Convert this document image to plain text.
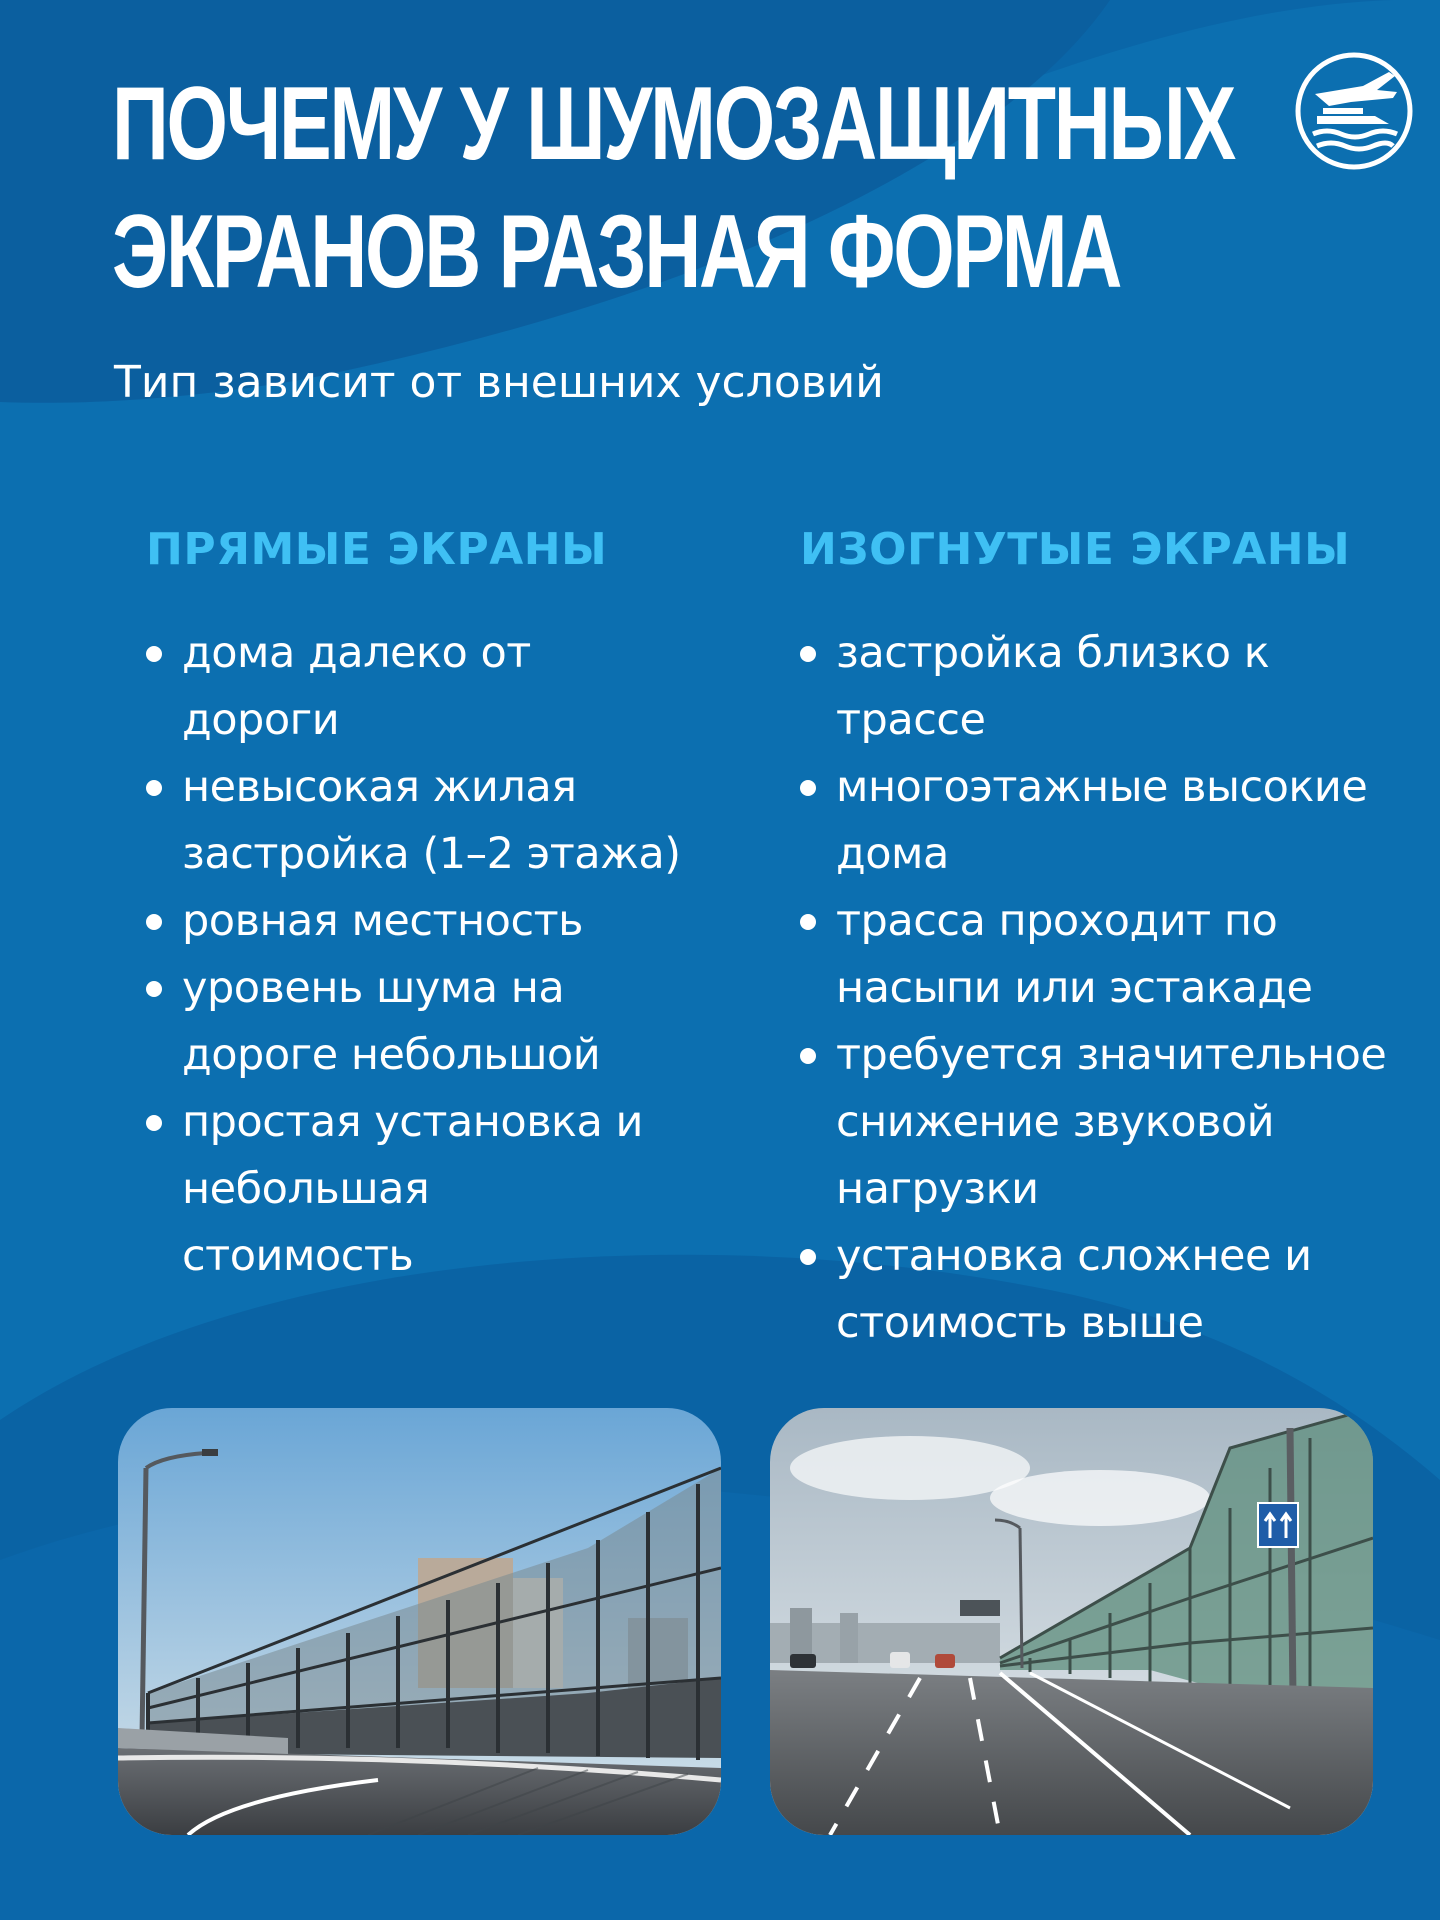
ПОЧЕМУ У ШУМОЗАЩИТНЫХ
ЭКРАНОВ РАЗНАЯ ФОРМА

Тип зависит от внешних условий

ПРЯМЫЕ ЭКРАНЫ
дома далеко от
дороги
невысокая жилая
застройка (1–2 этажа)
ровная местность
уровень шума на
дороге небольшой
простая установка и
небольшая
стоимость
ИЗОГНУТЫЕ ЭКРАНЫ
застройка близко к
трассе
многоэтажные высокие
дома
трасса проходит по
насыпи или эстакаде
требуется значительное
снижение звуковой
нагрузки
установка сложнее и
стоимость выше
